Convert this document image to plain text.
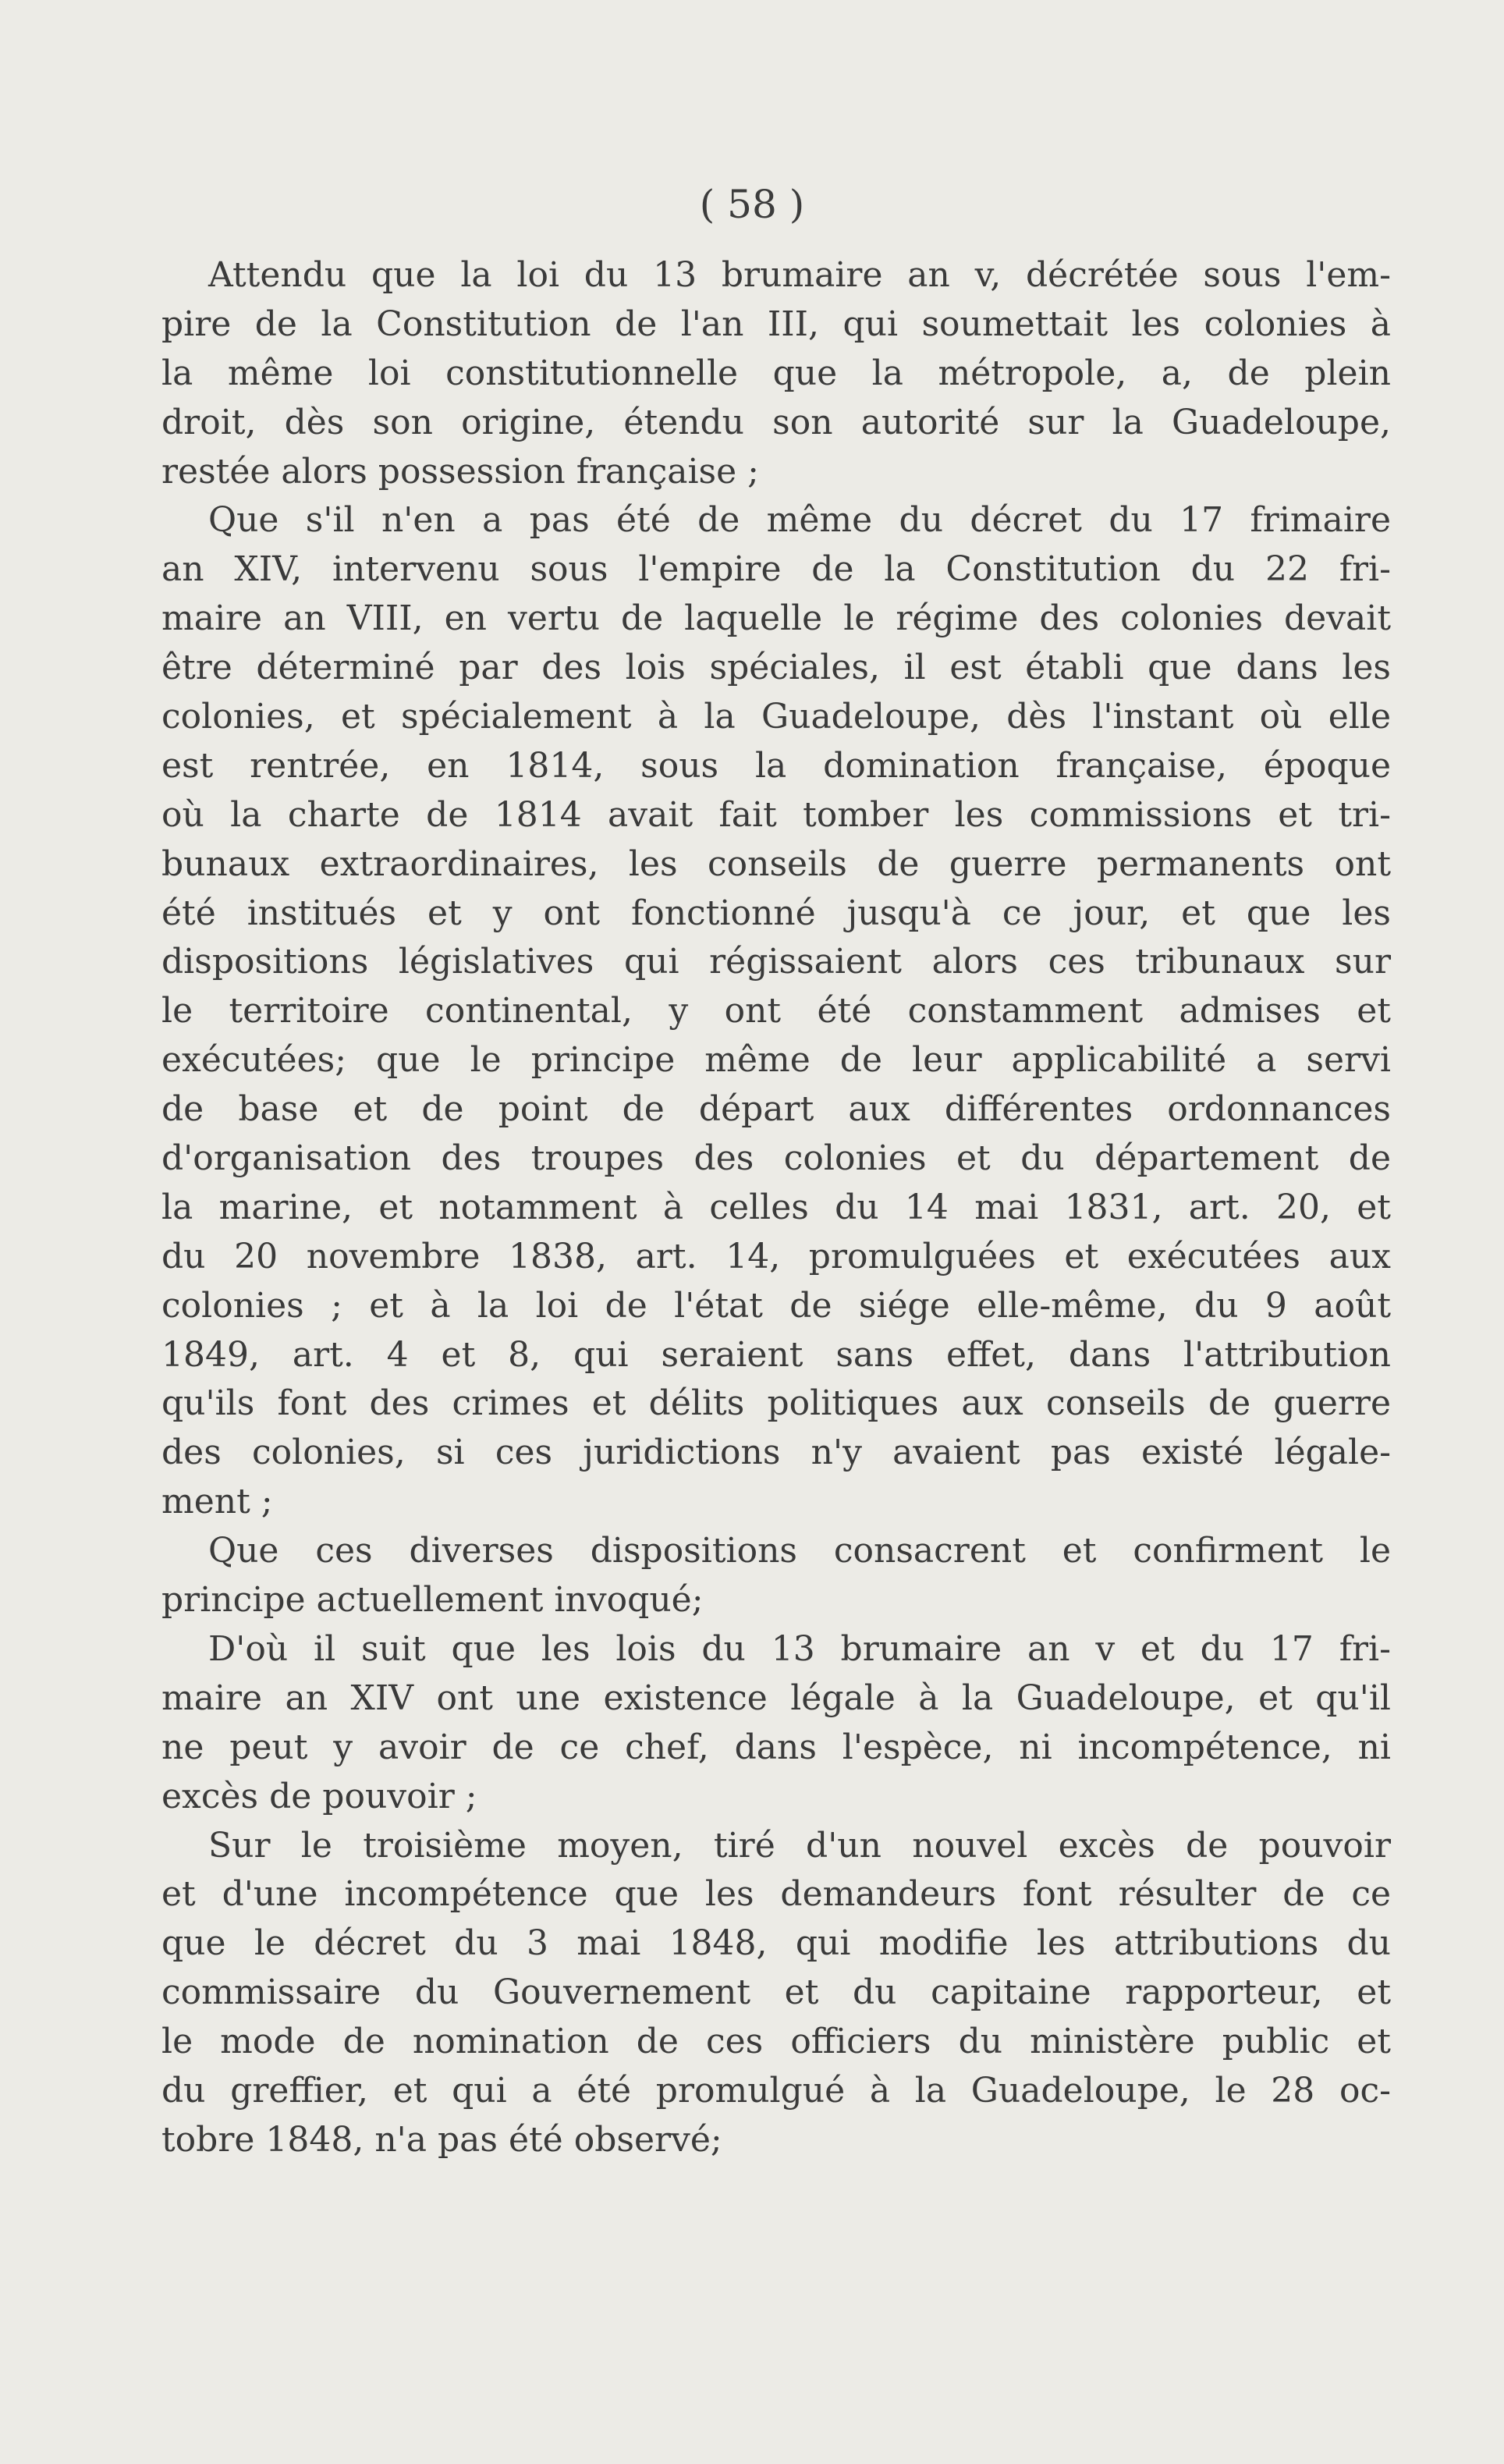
( 58 )
Attendu que la loi du 13 brumaire an v, décrétée sous l'em-
pire de la Constitution de l'an III, qui soumettait les colonies à
la même loi constitutionnelle que la métropole, a, de plein
droit, dès son origine, étendu son autorité sur la Guadeloupe,
restée alors possession française ;
Que s'il n'en a pas été de même du décret du 17 frimaire
an XIV, intervenu sous l'empire de la Constitution du 22 fri-
maire an VIII, en vertu de laquelle le régime des colonies devait
être déterminé par des lois spéciales, il est établi que dans les
colonies, et spécialement à la Guadeloupe, dès l'instant où elle
est rentrée, en 1814, sous la domination française, époque
où la charte de 1814 avait fait tomber les commissions et tri-
bunaux extraordinaires, les conseils de guerre permanents ont
été institués et y ont fonctionné jusqu'à ce jour, et que les
dispositions législatives qui régissaient alors ces tribunaux sur
le territoire continental, y ont été constamment admises et
exécutées; que le principe même de leur applicabilité a servi
de base et de point de départ aux différentes ordonnances
d'organisation des troupes des colonies et du département de
la marine, et notamment à celles du 14 mai 1831, art. 20, et
du 20 novembre 1838, art. 14, promulguées et exécutées aux
colonies ; et à la loi de l'état de siége elle-même, du 9 août
1849, art. 4 et 8, qui seraient sans effet, dans l'attribution
qu'ils font des crimes et délits politiques aux conseils de guerre
des colonies, si ces juridictions n'y avaient pas existé légale-
ment ;
Que ces diverses dispositions consacrent et confirment le
principe actuellement invoqué;
D'où il suit que les lois du 13 brumaire an v et du 17 fri-
maire an XIV ont une existence légale à la Guadeloupe, et qu'il
ne peut y avoir de ce chef, dans l'espèce, ni incompétence, ni
excès de pouvoir ;
Sur le troisième moyen, tiré d'un nouvel excès de pouvoir
et d'une incompétence que les demandeurs font résulter de ce
que le décret du 3 mai 1848, qui modifie les attributions du
commissaire du Gouvernement et du capitaine rapporteur, et
le mode de nomination de ces officiers du ministère public et
du greffier, et qui a été promulgué à la Guadeloupe, le 28 oc-
tobre 1848, n'a pas été observé;
